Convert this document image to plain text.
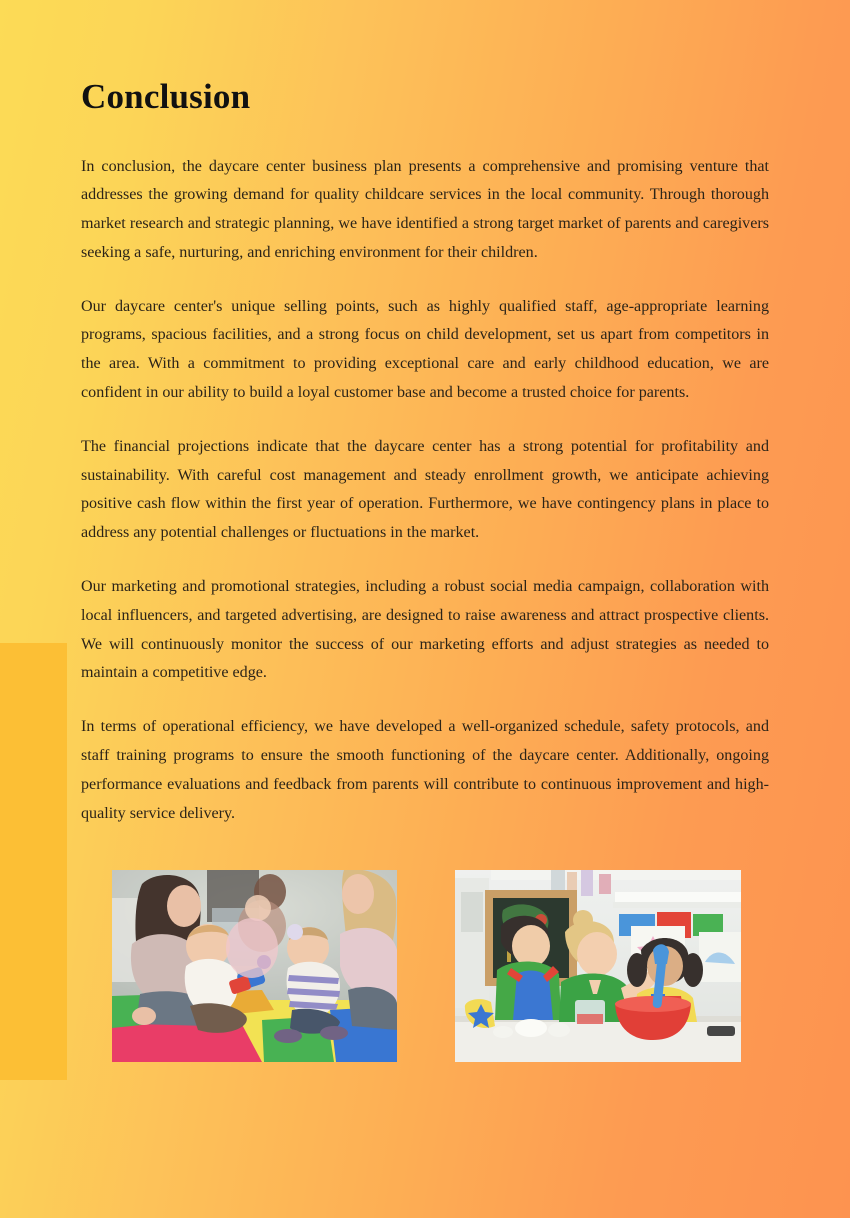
Conclusion

In conclusion, the daycare center business plan presents a comprehensive and promising venture that addresses the growing demand for quality childcare services in the local community. Through thorough market research and strategic planning, we have identified a strong target market of parents and caregivers seeking a safe, nurturing, and enriching environment for their children.

Our daycare center's unique selling points, such as highly qualified staff, age-appropriate learning programs, spacious facilities, and a strong focus on child development, set us apart from competitors in the area. With a commitment to providing exceptional care and early childhood education, we are confident in our ability to build a loyal customer base and become a trusted choice for parents.

The financial projections indicate that the daycare center has a strong potential for profitability and sustainability. With careful cost management and steady enrollment growth, we anticipate achieving positive cash flow within the first year of operation. Furthermore, we have contingency plans in place to address any potential challenges or fluctuations in the market.

Our marketing and promotional strategies, including a robust social media campaign, collaboration with local influencers, and targeted advertising, are designed to raise awareness and attract prospective clients. We will continuously monitor the success of our marketing efforts and adjust strategies as needed to maintain a competitive edge.

In terms of operational efficiency, we have developed a well-organized schedule, safety protocols, and staff training programs to ensure the smooth functioning of the daycare center. Additionally, ongoing performance evaluations and feedback from parents will contribute to continuous improvement and high-quality service delivery.
